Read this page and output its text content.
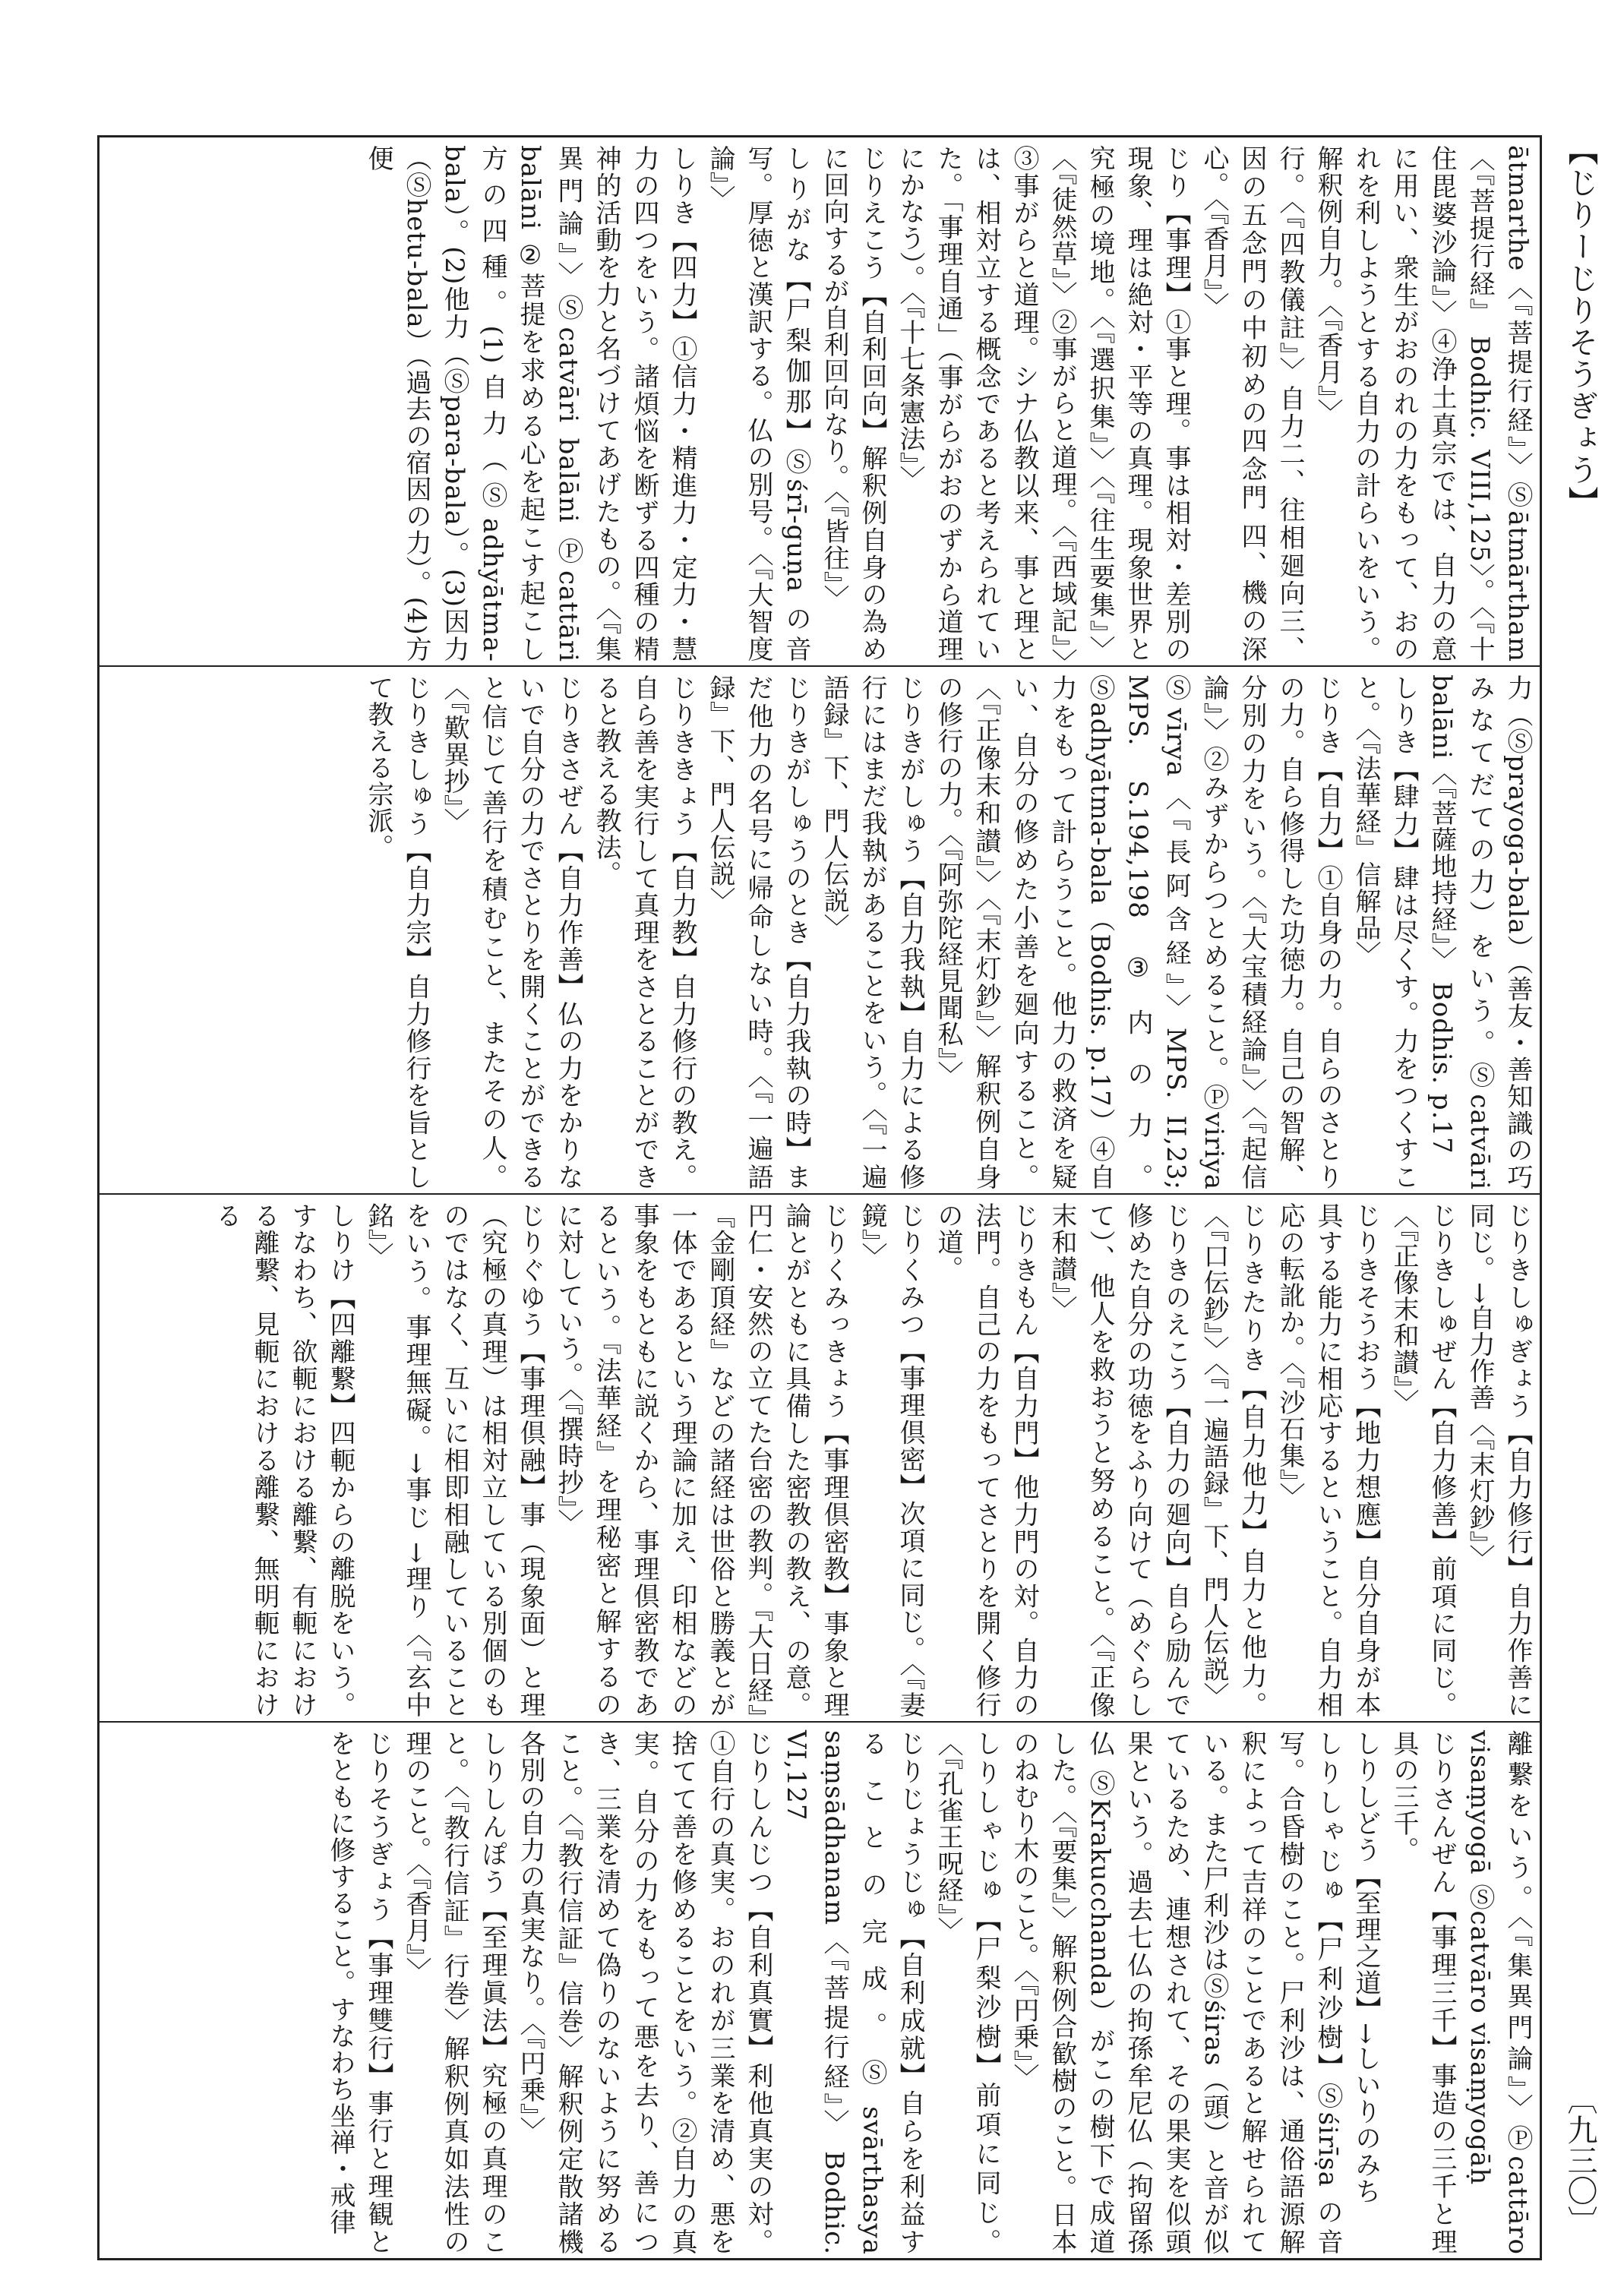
【じりーじりそうぎょう】
〔九三〇〕

ātmarthe〈『菩提行経』〉Ⓢātmārtham〈『菩提行経』 Bodhic. VIII,125〉。〈『十住毘婆沙論』〉④浄土真宗では、自力の意に用い、衆生がおのれの力をもって、おのれを利しようとする自力の計らいをいう。解釈例自力。〈『香月』〉

行。〈『四教儀註』〉自力二、往相廻向三、因の五念門の中初めの四念門 四、機の深心。〈『香月』〉

じり【事理】①事と理。事は相対・差別の現象、理は絶対・平等の真理。現象世界と究極の境地。〈『選択集』〉〈『往生要集』〉〈『徒然草』〉②事がらと道理。〈『西域記』〉③事がらと道理。シナ仏教以来、事と理とは、相対立する概念であると考えられていた。「事理自通」（事がらがおのずから道理にかなう）。〈『十七条憲法』〉

じりえこう【自利回向】解釈例自身の為めに回向するが自利回向なり。〈『皆往』〉

しりがな【尸梨伽那】Ⓢśrī-guṇa の音写。厚徳と漢訳する。仏の別号。〈『大智度論』〉

しりき【四力】①信力・精進力・定力・慧力の四つをいう。諸煩悩を断ずる四種の精神的活動を力と名づけてあげたもの。〈『集異門論』〉Ⓢcatvāri balāni Ⓟcattāri balāni ②菩提を求める心を起こす起こし方の四種。(1)自力（Ⓢadhyātma-bala）。(2)他力（Ⓢpara-bala）。(3)因力（Ⓢhetu-bala）（過去の宿因の力）。(4)方便

力（Ⓢprayoga-bala）（善友・善知識の巧みなてだての力）をいう。Ⓢcatvāri balāni〈『菩薩地持経』〉 Bodhis. p.17

しりき【肆力】肆は尽くす。力をつくすこと。〈『法華経』信解品〉

じりき【自力】①自身の力。自らのさとりの力。自ら修得した功徳力。自己の智解、分別の力をいう。〈『大宝積経論』〉〈『起信論』〉②みずからつとめること。Ⓟviriya Ⓢvīrya〈『長阿含経』〉MPS. II,23; MPS. S.194,198 ③内の力。Ⓢadhyātma-bala（Bodhis. p.17）④自力をもって計らうこと。他力の救済を疑い、自分の修めた小善を廻向すること。〈『正像末和讃』〉〈『末灯鈔』〉解釈例自身の修行の力。〈『阿弥陀経見聞私』〉

じりきがしゅう【自力我執】自力による修行にはまだ我執があることをいう。〈『一遍語録』下、門人伝説〉

じりきがしゅうのとき【自力我執の時】まだ他力の名号に帰命しない時。〈『一遍語録』下、門人伝説〉

じりききょう【自力教】自力修行の教え。自ら善を実行して真理をさとることができると教える教法。

じりきさぜん【自力作善】仏の力をかりないで自分の力でさとりを開くことができると信じて善行を積むこと、またその人。〈『歎異抄』〉

じりきしゅう【自力宗】自力修行を旨として教える宗派。

じりきしゅぎょう【自力修行】自力作善に同じ。→自力作善〈『末灯鈔』〉

じりきしゅぜん【自力修善】前項に同じ。〈『正像末和讃』〉

じりきそうおう【地力想應】自分自身が本具する能力に相応するということ。自力相応の転訛か。〈『沙石集』〉

じりきたりき【自力他力】自力と他力。〈『口伝鈔』〉〈『一遍語録』下、門人伝説〉

じりきのえこう【自力の廻向】自ら励んで修めた自分の功徳をふり向けて（めぐらして）、他人を救おうと努めること。〈『正像末和讃』〉

じりきもん【自力門】他力門の対。自力の法門。自己の力をもってさとりを開く修行の道。

じりくみつ【事理倶密】次項に同じ。〈『妻鏡』〉

じりくみっきょう【事理倶密教】事象と理論とがともに具備した密教の教え、の意。円仁・安然の立てた台密の教判。『大日経』『金剛頂経』などの諸経は世俗と勝義とが一体であるという理論に加え、印相などの事象をもともに説くから、事理倶密教であるという。『法華経』を理秘密と解するのに対していう。〈『撰時抄』〉

じりぐゆう【事理倶融】事（現象面）と理（究極の真理）は相対立している別個のものではなく、互いに相即相融していることをいう。事理無礙。→事じ →理り〈『玄中銘』〉

しりけ【四離繋】四軛からの離脱をいう。すなわち、欲軛における離繋、有軛における離繋、見軛における離繋、無明軛における

離繋をいう。〈『集異門論』〉Ⓟcattāro visaṃyogā Ⓢcatvāro visaṃyogāḥ

じりさんぜん【事理三千】事造の三千と理具の三千。

しりしどう【至理之道】→しいりのみち

しりしゃじゅ【尸利沙樹】Ⓢśirīṣa の音写。合昏樹のこと。尸利沙は、通俗語源解釈によって吉祥のことであると解せられている。また尸利沙はⓈśiras（頭）と音が似ているため、連想されて、その果実を似頭果という。過去七仏の拘孫牟尼仏（拘留孫仏 ⓈKrakucchanda）がこの樹下で成道した。〈『要集』〉解釈例合歓樹のこと。日本のねむり木のこと。〈『円乗』〉

しりしゃじゅ【尸梨沙樹】前項に同じ。〈『孔雀王呪経』〉

じりじょうじゅ【自利成就】自らを利益することの完成。Ⓢsvārthasya saṃsādhanam〈『菩提行経』〉 Bodhic. VI,127

じりしんじつ【自利真實】利他真実の対。①自行の真実。おのれが三業を清め、悪を捨てて善を修めることをいう。②自力の真実。自分の力をもって悪を去り、善につき、三業を清めて偽りのないように努めること。〈『教行信証』信巻〉解釈例定散諸機各別の自力の真実なり。〈『円乗』〉

しりしんぽう【至理眞法】究極の真理のこと。〈『教行信証』行巻〉解釈例真如法性の理のこと。〈『香月』〉

じりそうぎょう【事理雙行】事行と理観とをともに修すること。すなわち坐禅・戒律
